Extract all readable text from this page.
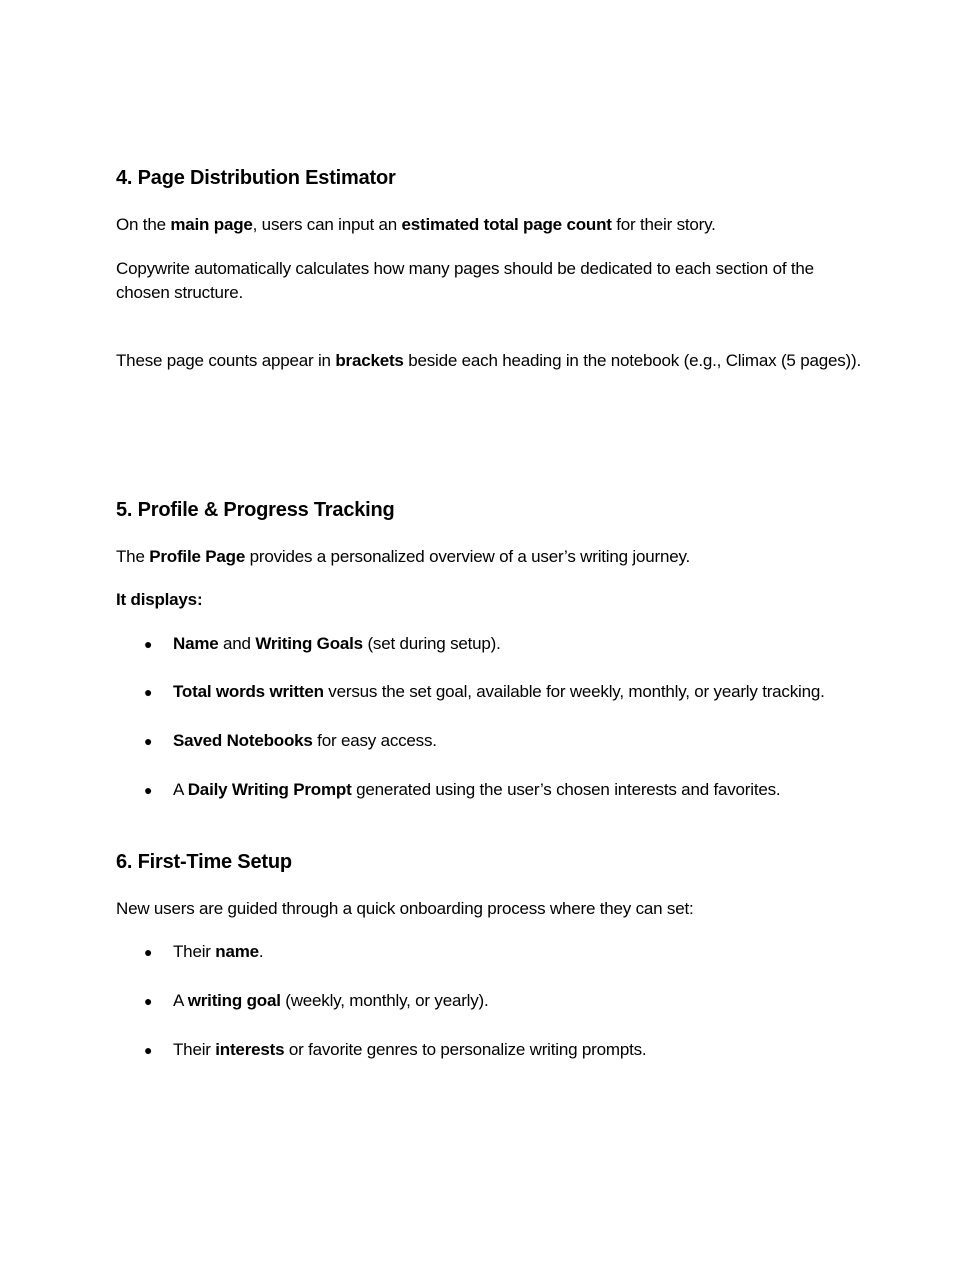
4. Page Distribution Estimator

On the main page, users can input an estimated total page count for their story.

Copywrite automatically calculates how many pages should be dedicated to each section of the chosen structure.

These page counts appear in brackets beside each heading in the notebook (e.g., Climax (5 pages)).

5. Profile & Progress Tracking

The Profile Page provides a personalized overview of a user’s writing journey.

It displays:

● Name and Writing Goals (set during setup).
● Total words written versus the set goal, available for weekly, monthly, or yearly tracking.
● Saved Notebooks for easy access.
● A Daily Writing Prompt generated using the user’s chosen interests and favorites.
6. First-Time Setup

New users are guided through a quick onboarding process where they can set:

● Their name.
● A writing goal (weekly, monthly, or yearly).
● Their interests or favorite genres to personalize writing prompts.
